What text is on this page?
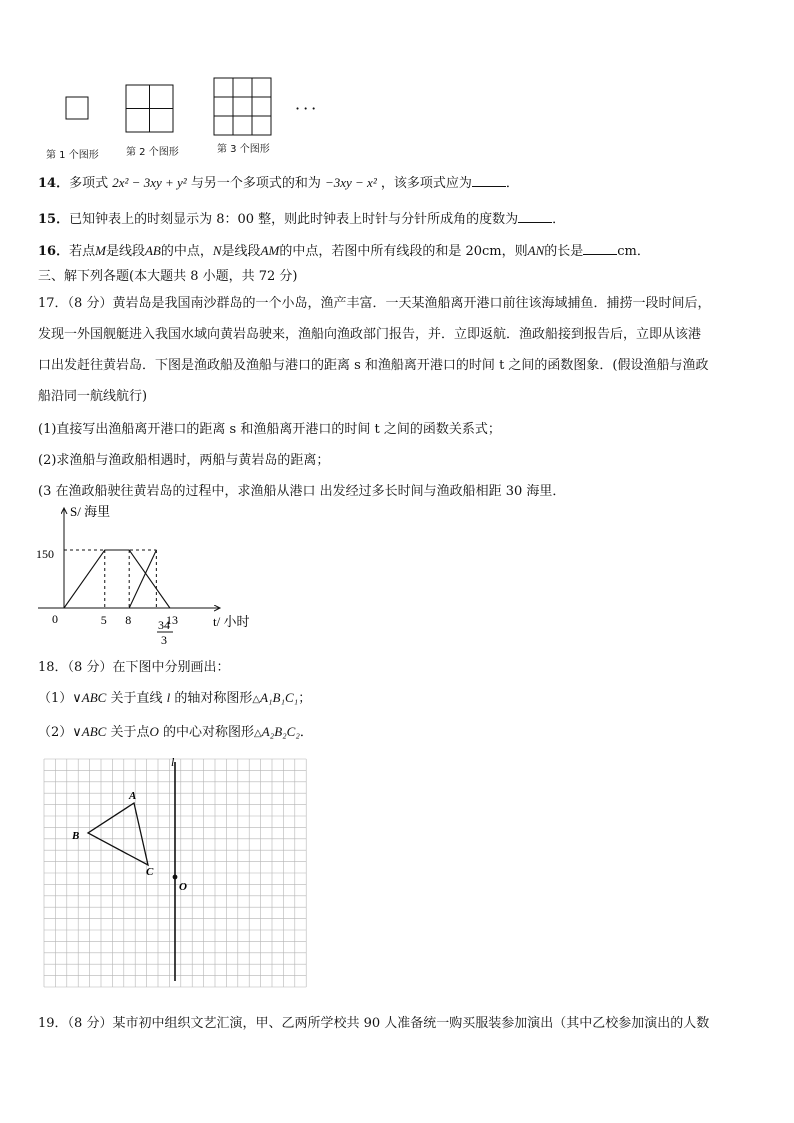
···
第 1 个图形	第 2 个图形	第 3 个图形
14．多项式 2x² − 3xy + y² 与另一个多项式的和为 −3xy − x² ，该多项式应为	．
15．已知钟表上的时刻显示为 8：00 整，则此时钟表上时针与分针所成角的度数为	．
16．若点M是线段AB的中点，N是线段AM的中点，若图中所有线段的和是 20cm，则AN的长是	cm．
三、解下列各题(本大题共 8 小题，共 72 分)
17．（8 分）黄岩岛是我国南沙群岛的一个小岛，渔产丰富．一天某渔船离开港口前往该海域捕鱼．捕捞一段时间后，
发现一外国舰艇进入我国水域向黄岩岛驶来，渔船向渔政部门报告，并．立即返航．渔政船接到报告后，立即从该港
口出发赶往黄岩岛．下图是渔政船及渔船与港口的距离 s 和渔船离开港口的时间 t 之间的函数图象．(假设渔船与渔政
船沿同一航线航行)
(1)直接写出渔船离开港口的距离 s 和渔船离开港口的时间 t 之间的函数关系式；
(2)求渔船与渔政船相遇时，两船与黄岩岛的距离；
(3 在渔政船驶往黄岩岛的过程中，求渔船从港口 出发经过多长时间与渔政船相距 30 海里．
S/ 海里
t/ 小时
0
150
5 8	13
34
3
18．（8 分）在下图中分别画出：
（1）∨ABC 关于直线 l 的轴对称图形△A₁B₁C₁；
（2）∨ABC 关于点O 的中心对称图形△A₂B₂C₂．
l
A
B
C
O
19．（8 分）某市初中组织文艺汇演，甲、乙两所学校共 90 人准备统一购买服装参加演出（其中乙校参加演出的人数
